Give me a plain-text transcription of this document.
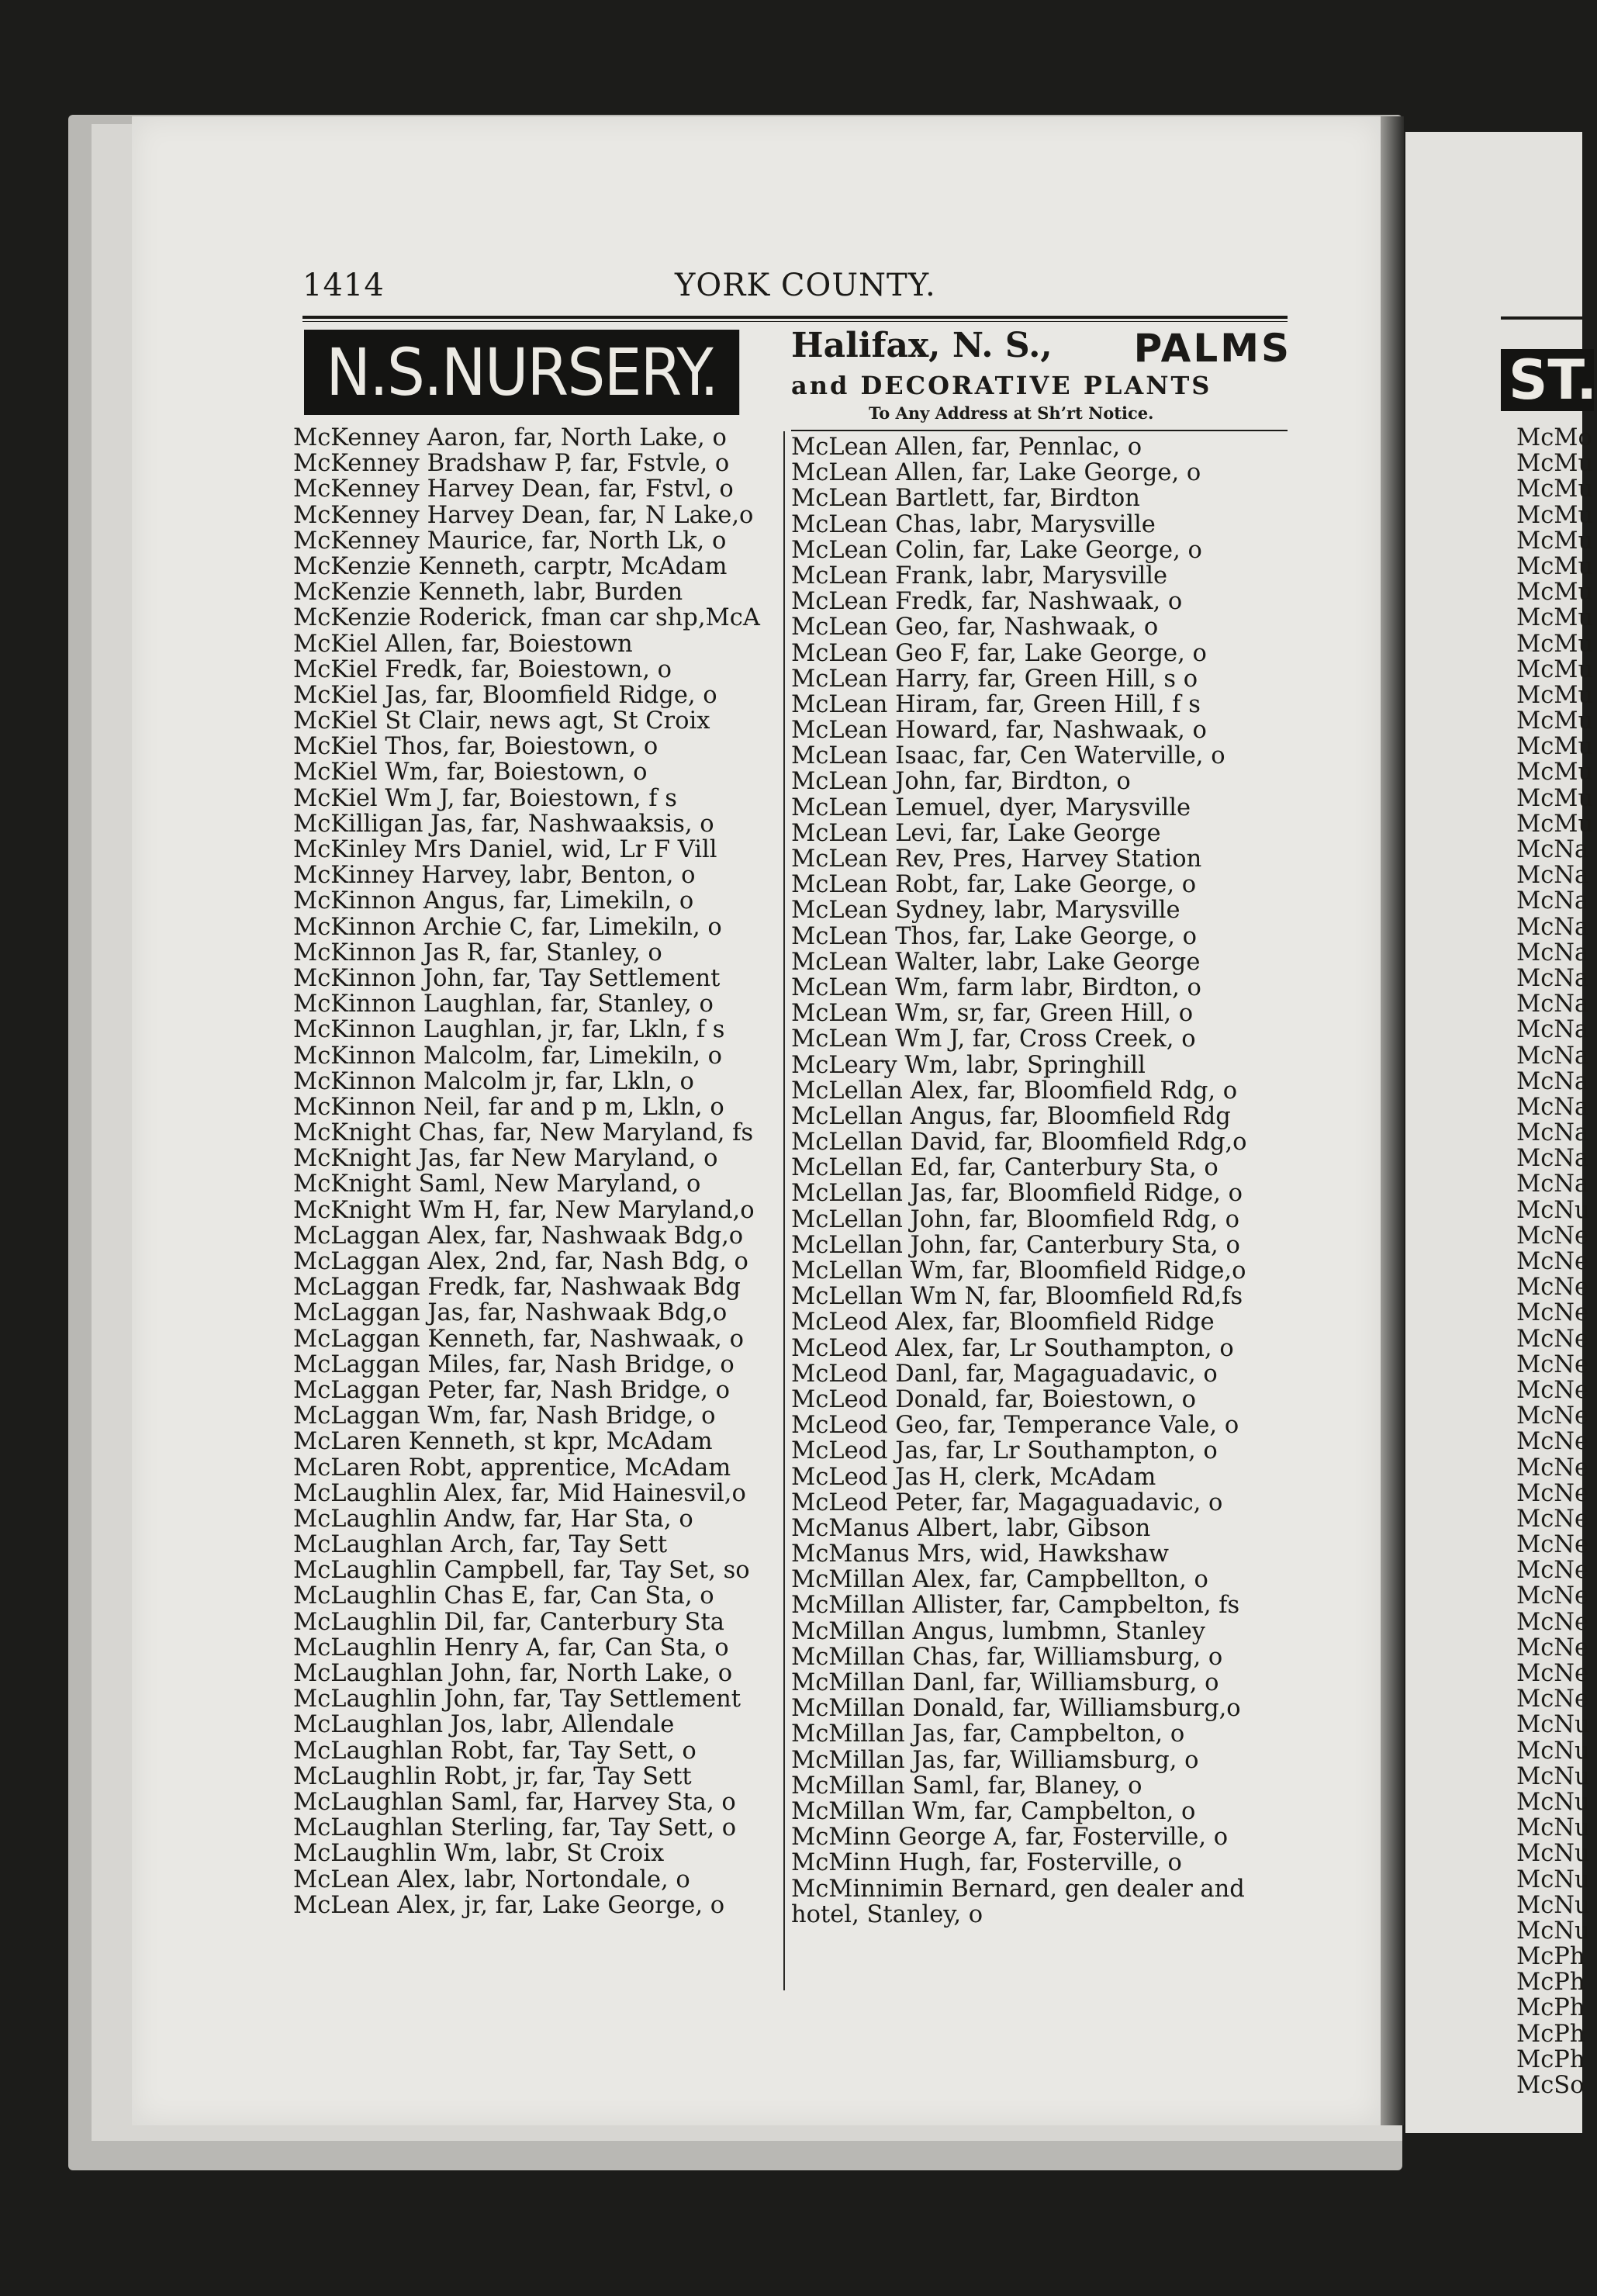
1414	YORK COUNTY.
N.S.NURSERY. Halifax, N. S., PALMS
and DECORATIVE PLANTS
To Any Address at Sh’rt Notice.
McKenney Aaron, far, North Lake, o
McKenney Bradshaw P, far, Fstvle, o
McKenney Harvey Dean, far, Fstvl, o
McKenney Harvey Dean, far, N Lake,o
McKenney Maurice, far, North Lk, o
McKenzie Kenneth, carptr, McAdam
McKenzie Kenneth, labr, Burden
McKenzie Roderick, fman car shp,McA
McKiel Allen, far, Boiestown
McKiel Fredk, far, Boiestown, o
McKiel Jas, far, Bloomfield Ridge, o
McKiel St Clair, news agt, St Croix
McKiel Thos, far, Boiestown, o
McKiel Wm, far, Boiestown, o
McKiel Wm J, far, Boiestown, f s
McKilligan Jas, far, Nashwaaksis, o
McKinley Mrs Daniel, wid, Lr F Vill
McKinney Harvey, labr, Benton, o
McKinnon Angus, far, Limekiln, o
McKinnon Archie C, far, Limekiln, o
McKinnon Jas R, far, Stanley, o
McKinnon John, far, Tay Settlement
McKinnon Laughlan, far, Stanley, o
McKinnon Laughlan, jr, far, Lkln, f s
McKinnon Malcolm, far, Limekiln, o
McKinnon Malcolm jr, far, Lkln, o
McKinnon Neil, far and p m, Lkln, o
McKnight Chas, far, New Maryland, fs
McKnight Jas, far New Maryland, o
McKnight Saml, New Maryland, o
McKnight Wm H, far, New Maryland,o
McLaggan Alex, far, Nashwaak Bdg,o
McLaggan Alex, 2nd, far, Nash Bdg, o
McLaggan Fredk, far, Nashwaak Bdg
McLaggan Jas, far, Nashwaak Bdg,o
McLaggan Kenneth, far, Nashwaak, o
McLaggan Miles, far, Nash Bridge, o
McLaggan Peter, far, Nash Bridge, o
McLaggan Wm, far, Nash Bridge, o
McLaren Kenneth, st kpr, McAdam
McLaren Robt, apprentice, McAdam
McLaughlin Alex, far, Mid Hainesvil,o
McLaughlin Andw, far, Har Sta, o
McLaughlan Arch, far, Tay Sett
McLaughlin Campbell, far, Tay Set, so
McLaughlin Chas E, far, Can Sta, o
McLaughlin Dil, far, Canterbury Sta
McLaughlin Henry A, far, Can Sta, o
McLaughlan John, far, North Lake, o
McLaughlin John, far, Tay Settlement
McLaughlan Jos, labr, Allendale
McLaughlan Robt, far, Tay Sett, o
McLaughlin Robt, jr, far, Tay Sett
McLaughlan Saml, far, Harvey Sta, o
McLaughlan Sterling, far, Tay Sett, o
McLaughlin Wm, labr, St Croix
McLean Alex, labr, Nortondale, o
McLean Alex, jr, far, Lake George, o
McLean Allen, far, Pennlac, o
McLean Allen, far, Lake George, o
McLean Bartlett, far, Birdton
McLean Chas, labr, Marysville
McLean Colin, far, Lake George, o
McLean Frank, labr, Marysville
McLean Fredk, far, Nashwaak, o
McLean Geo, far, Nashwaak, o
McLean Geo F, far, Lake George, o
McLean Harry, far, Green Hill, s o
McLean Hiram, far, Green Hill, f s
McLean Howard, far, Nashwaak, o
McLean Isaac, far, Cen Waterville, o
McLean John, far, Birdton, o
McLean Lemuel, dyer, Marysville
McLean Levi, far, Lake George
McLean Rev, Pres, Harvey Station
McLean Robt, far, Lake George, o
McLean Sydney, labr, Marysville
McLean Thos, far, Lake George, o
McLean Walter, labr, Lake George
McLean Wm, farm labr, Birdton, o
McLean Wm, sr, far, Green Hill, o
McLean Wm J, far, Cross Creek, o
McLeary Wm, labr, Springhill
McLellan Alex, far, Bloomfield Rdg, o
McLellan Angus, far, Bloomfield Rdg
McLellan David, far, Bloomfield Rdg,o
McLellan Ed, far, Canterbury Sta, o
McLellan Jas, far, Bloomfield Ridge, o
McLellan John, far, Bloomfield Rdg, o
McLellan John, far, Canterbury Sta, o
McLellan Wm, far, Bloomfield Ridge,o
McLellan Wm N, far, Bloomfield Rd,fs
McLeod Alex, far, Bloomfield Ridge
McLeod Alex, far, Lr Southampton, o
McLeod Danl, far, Magaguadavic, o
McLeod Donald, far, Boiestown, o
McLeod Geo, far, Temperance Vale, o
McLeod Jas, far, Lr Southampton, o
McLeod Jas H, clerk, McAdam
McLeod Peter, far, Magaguadavic, o
McManus Albert, labr, Gibson
McManus Mrs, wid, Hawkshaw
McMillan Alex, far, Campbellton, o
McMillan Allister, far, Campbelton, fs
McMillan Angus, lumbmn, Stanley
McMillan Chas, far, Williamsburg, o
McMillan Danl, far, Williamsburg, o
McMillan Donald, far, Williamsburg,o
McMillan Jas, far, Campbelton, o
McMillan Jas, far, Williamsburg, o
McMillan Saml, far, Blaney, o
McMillan Wm, far, Campbelton, o
McMinn George A, far, Fosterville, o
McMinn Hugh, far, Fosterville, o
McMinnimin Bernard, gen dealer and
hotel, Stanley, o
ST.
McMo
McMu
McMu
McMu
McMu
McMu
McMu
McMu
McMu
McMu
McMu
McMu
McMu
McMu
McMu
McMu
McNa
McNa
McNa
McNa
McNa
McNa
McNa
McNa
McNa
McNa
McNa
McNa
McNa
McNa
McNu
McNe
McNe
McNe
McNe
McNe
McNe
McNe
McNe
McNe
McNe
McNe
McNe
McNe
McNe
McNe
McNe
McNe
McNe
McNe
McNu
McNu
McNu
McNu
McNu
McNu
McNu
McNu
McNu
McPh
McPh
McPh
McPh
McPh
McSo
